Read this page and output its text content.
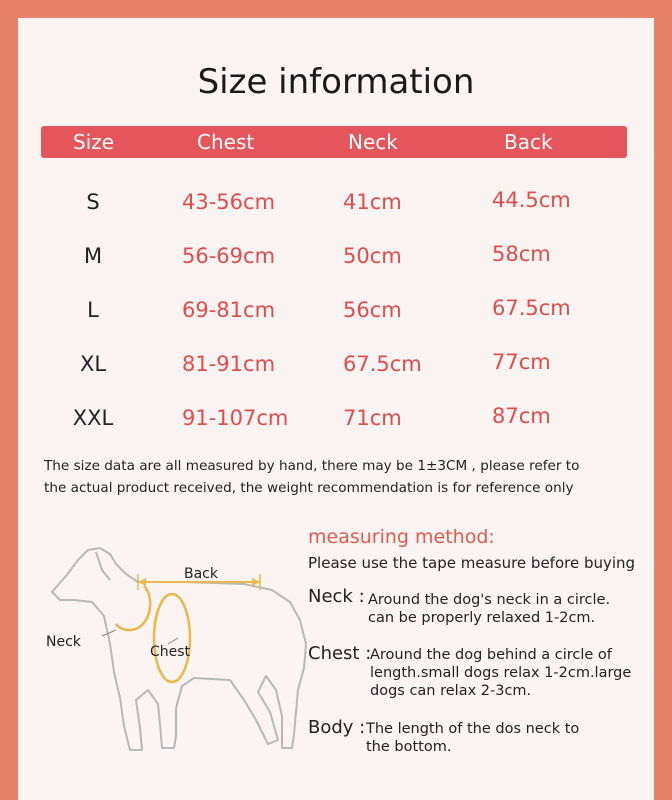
Size information
Size	Chest	Neck	Back
S	43-56cm	41cm	44.5cm
M	56-69cm	50cm	58cm
L	69-81cm	56cm	67.5cm
XL	81-91cm	67.5cm	77cm
XXL	91-107cm	71cm	87cm
The size data are all measured by hand, there may be 1±3CM , please refer to
the actual product received, the weight recommendation is for reference only
Back
Neck
Chest
measuring method:
Please use the tape measure before buying
Neck : Around the dog's neck in a circle.
can be properly relaxed 1-2cm.
Chest :
Around the dog behind a circle of
length.small dogs relax 1-2cm.large
dogs can relax 2-3cm.
Body : The length of the dos neck to
the bottom.
